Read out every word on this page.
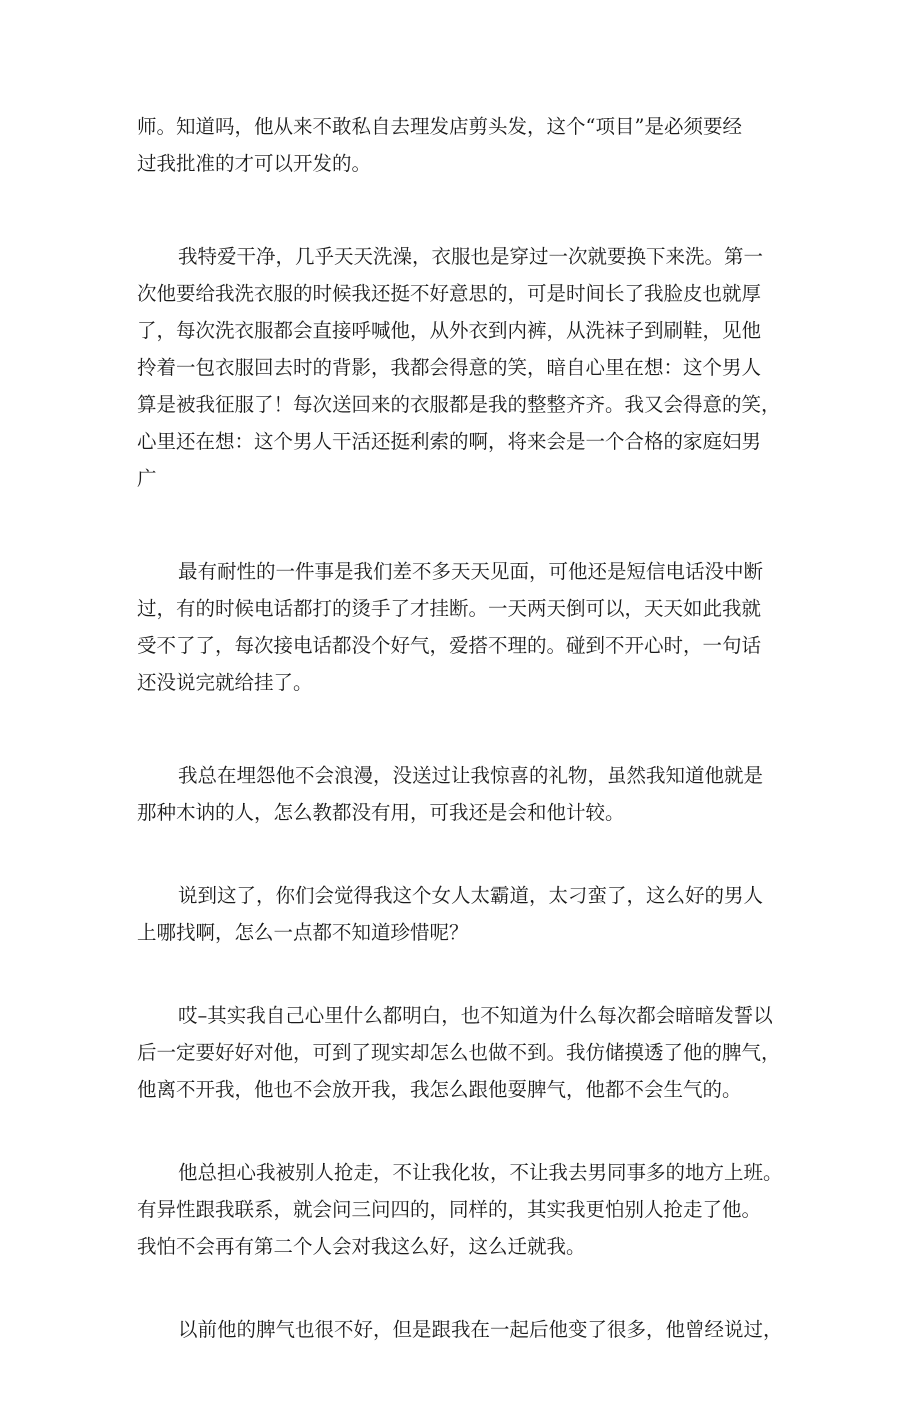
师。知道吗，他从来不敢私自去理发店剪头发，这个“项目”是必须要经
过我批准的才可以开发的。
我特爱干净，几乎天天洗澡，衣服也是穿过一次就要换下来洗。第一
次他要给我洗衣服的时候我还挺不好意思的，可是时间长了我脸皮也就厚
了，每次洗衣服都会直接呼喊他，从外衣到内裤，从洗袜子到刷鞋，见他
拎着一包衣服回去时的背影，我都会得意的笑，暗自心里在想：这个男人
算是被我征服了！每次送回来的衣服都是我的整整齐齐。我又会得意的笑，
心里还在想：这个男人干活还挺利索的啊，将来会是一个合格的家庭妇男
广
最有耐性的一件事是我们差不多天天见面，可他还是短信电话没中断
过，有的时候电话都打的烫手了才挂断。一天两天倒可以，天天如此我就
受不了了，每次接电话都没个好气，爱搭不理的。碰到不开心时，一句话
还没说完就给挂了。
我总在埋怨他不会浪漫，没送过让我惊喜的礼物，虽然我知道他就是
那种木讷的人，怎么教都没有用，可我还是会和他计较。
说到这了，你们会觉得我这个女人太霸道，太刁蛮了，这么好的男人
上哪找啊，怎么一点都不知道珍惜呢？
哎–其实我自己心里什么都明白，也不知道为什么每次都会暗暗发誓以
后一定要好好对他，可到了现实却怎么也做不到。我仿储摸透了他的脾气，
他离不开我，他也不会放开我，我怎么跟他耍脾气，他都不会生气的。
他总担心我被别人抢走，不让我化妆，不让我去男同事多的地方上班。
有异性跟我联系，就会问三问四的，同样的，其实我更怕别人抢走了他。
我怕不会再有第二个人会对我这么好，这么迁就我。
以前他的脾气也很不好，但是跟我在一起后他变了很多，他曾经说过，
